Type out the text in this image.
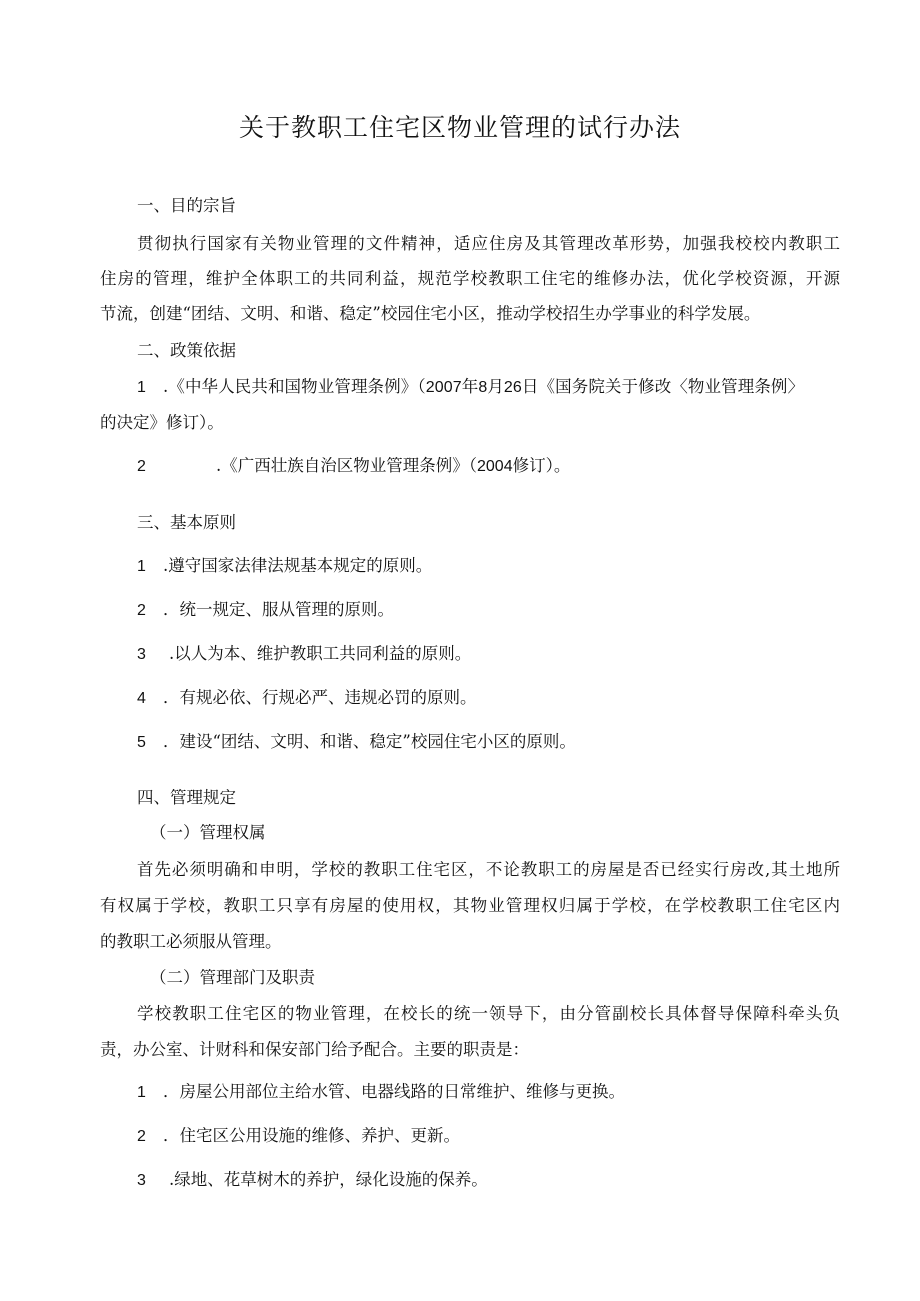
关于教职工住宅区物业管理的试行办法

一、目的宗旨

贯彻执行国家有关物业管理的文件精神，适应住房及其管理改革形势，加强我校校内教职工

住房的管理，维护全体职工的共同利益，规范学校教职工住宅的维修办法，优化学校资源，开源

节流，创建“团结、文明、和谐、稳定”校园住宅小区，推动学校招生办学事业的科学发展。

二、政策依据

1 .《中华人民共和国物业管理条例》（2007年8月26日《国务院关于修改〈物业管理条例〉

的决定》修订）。

2	.《广西壮族自治区物业管理条例》（2004修订）。

三、基本原则

1 .遵守国家法律法规基本规定的原则。

2 ．统一规定、服从管理的原则。

3 .以人为本、维护教职工共同利益的原则。

4 ．有规必依、行规必严、违规必罚的原则。

5 ．建设“团结、文明、和谐、稳定”校园住宅小区的原则。

四、管理规定

（一）管理权属

首先必须明确和申明，学校的教职工住宅区，不论教职工的房屋是否已经实行房改,其土地所

有权属于学校，教职工只享有房屋的使用权，其物业管理权归属于学校，在学校教职工住宅区内

的教职工必须服从管理。

（二）管理部门及职责

学校教职工住宅区的物业管理，在校长的统一领导下，由分管副校长具体督导保障科牵头负

责，办公室、计财科和保安部门给予配合。主要的职责是：

1 ．房屋公用部位主给水管、电器线路的日常维护、维修与更换。

2 ．住宅区公用设施的维修、养护、更新。

3 .绿地、花草树木的养护，绿化设施的保养。
